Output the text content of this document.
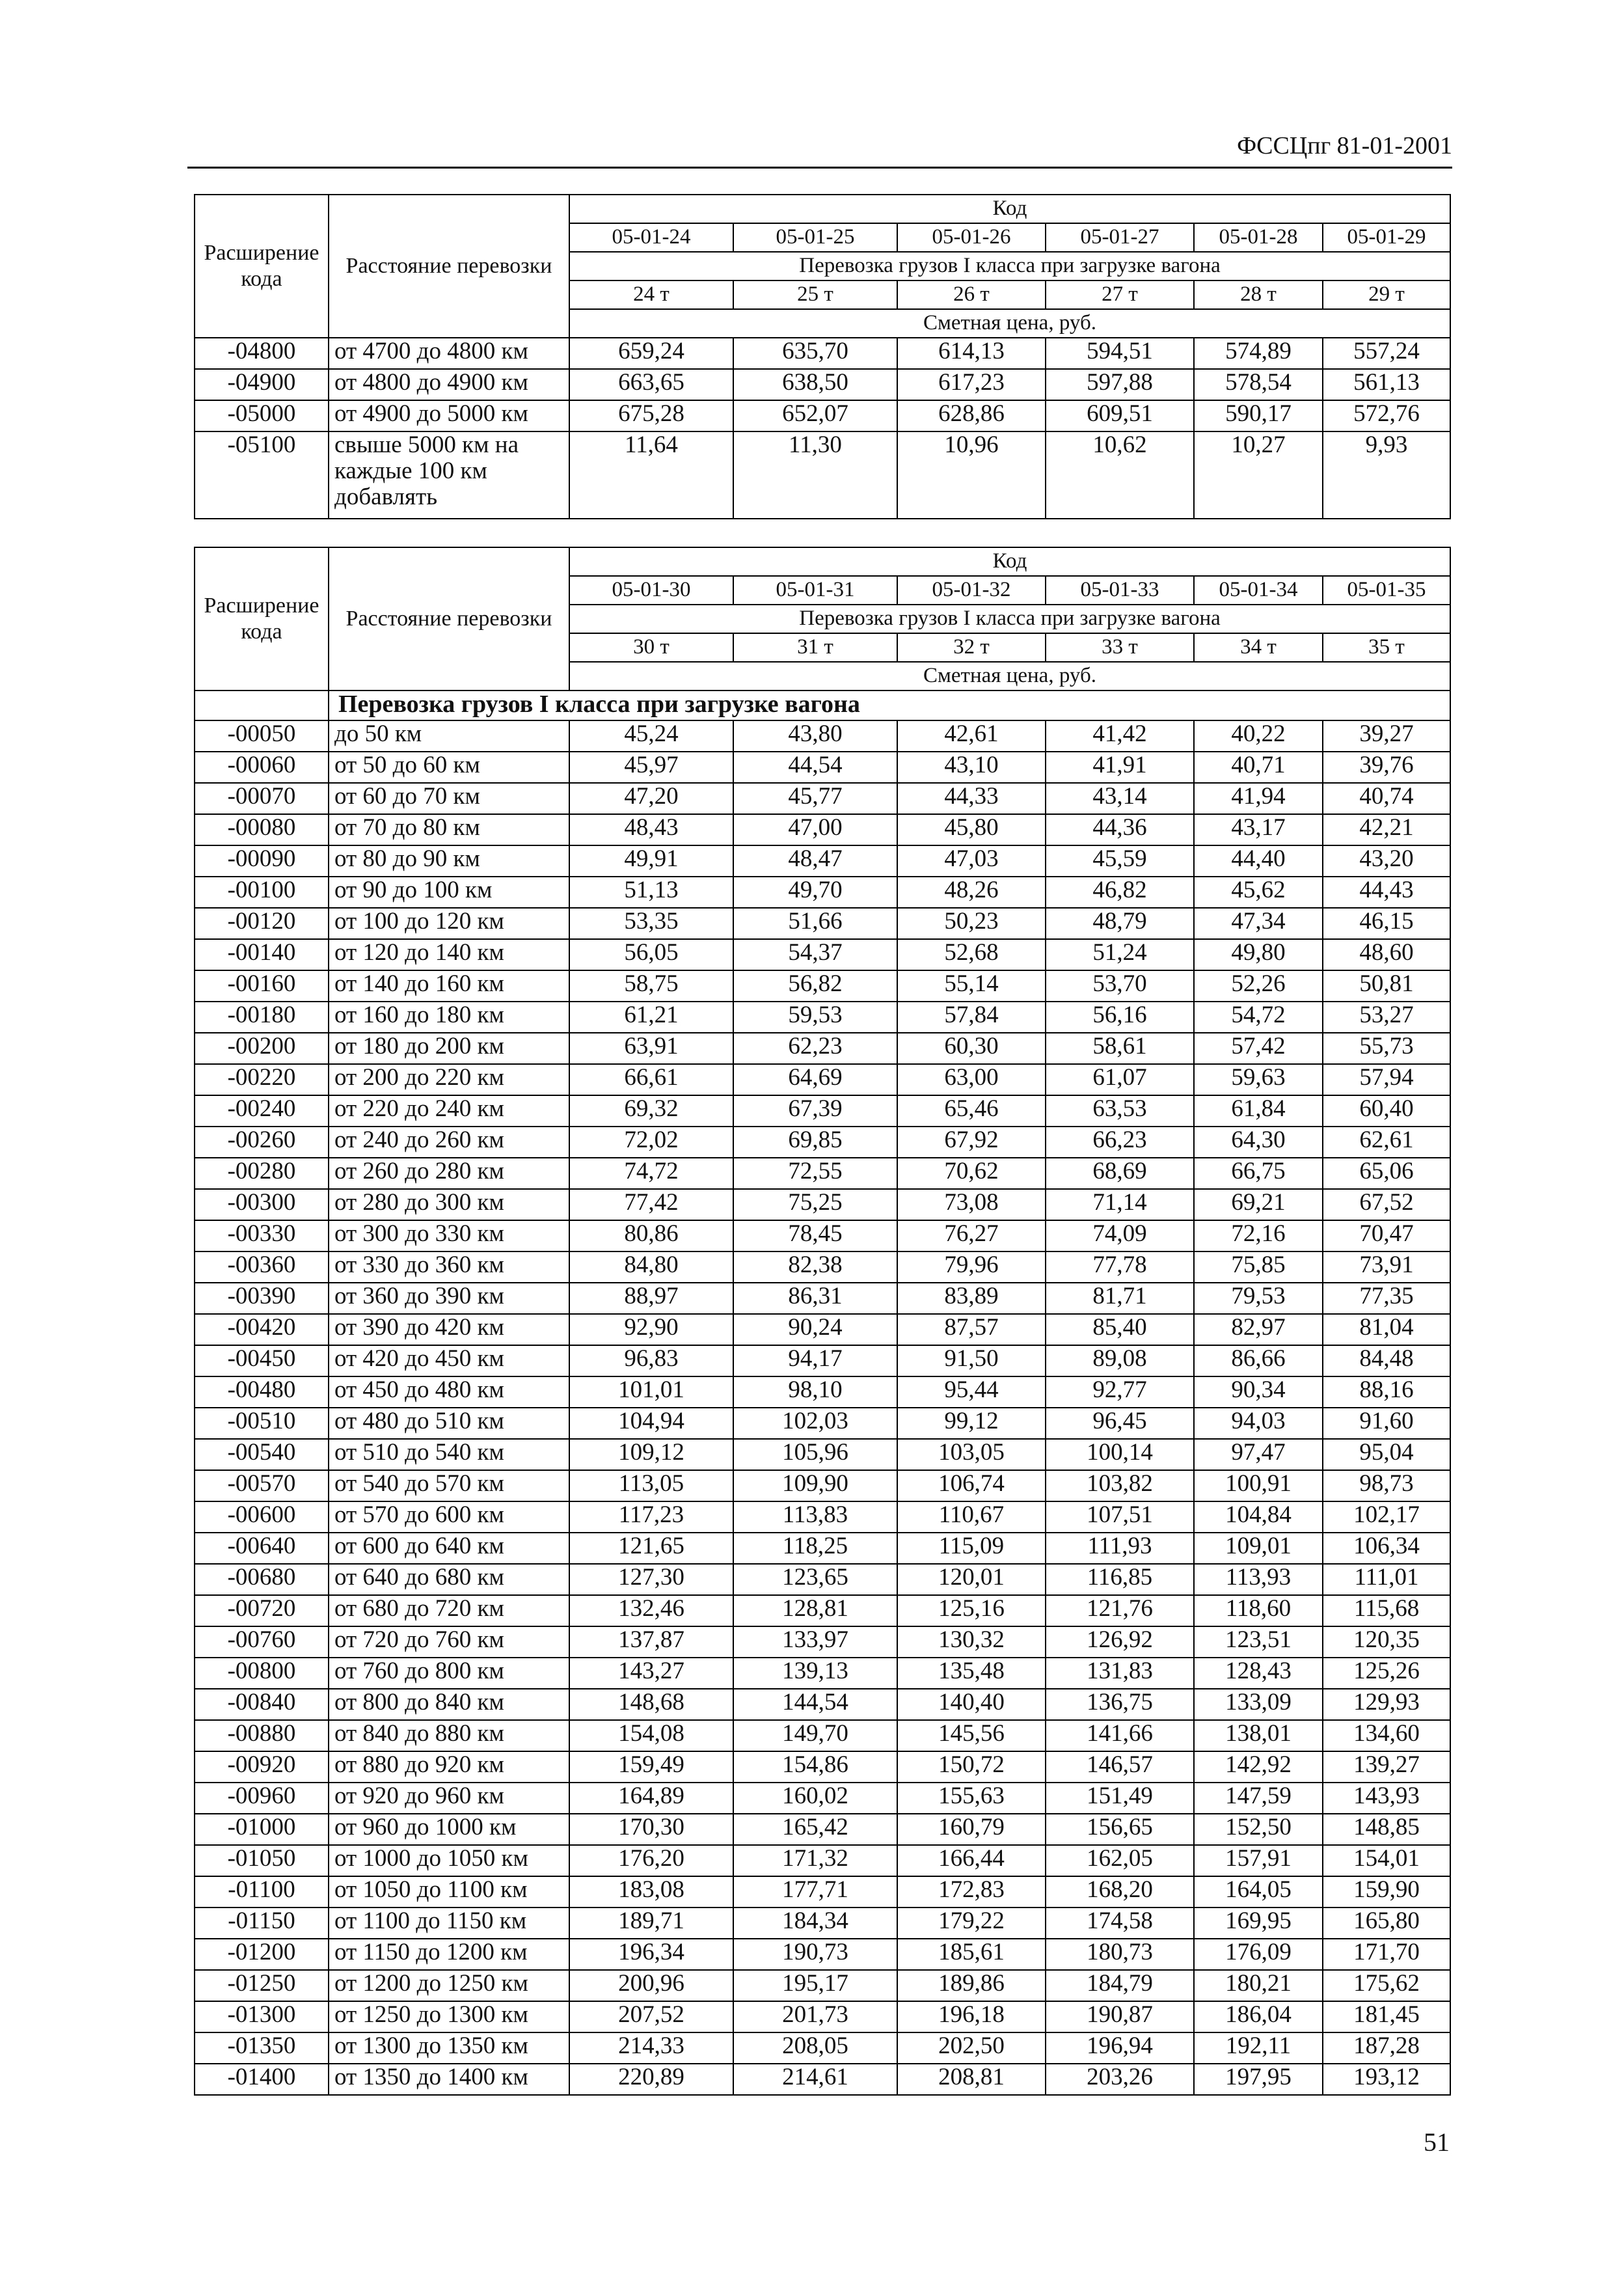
ФССЦпг 81-01-2001
Расширение кода	Расстояние перевозки	Код					
		05-01-24	05-01-25	05-01-26	05-01-27	05-01-28	05-01-29
		Перевозка грузов I класса при загрузке вагона					
		24 т	25 т	26 т	27 т	28 т	29 т
		Сметная цена, руб.					
-04800	от 4700 до 4800 км	659,24	635,70	614,13	594,51	574,89	557,24
-04900	от 4800 до 4900 км	663,65	638,50	617,23	597,88	578,54	561,13
-05000	от 4900 до 5000 км	675,28	652,07	628,86	609,51	590,17	572,76
-05100	свыше 5000 км на каждые 100 км добавлять	11,64	11,30	10,96	10,62	10,27	9,93
Расширение кода	Расстояние перевозки	Код					
		05-01-30	05-01-31	05-01-32	05-01-33	05-01-34	05-01-35
		Перевозка грузов I класса при загрузке вагона					
		30 т	31 т	32 т	33 т	34 т	35 т
		Сметная цена, руб.					
	Перевозка грузов I класса при загрузке вагона						
-00050	до 50 км	45,24	43,80	42,61	41,42	40,22	39,27
-00060	от 50 до 60 км	45,97	44,54	43,10	41,91	40,71	39,76
-00070	от 60 до 70 км	47,20	45,77	44,33	43,14	41,94	40,74
-00080	от 70 до 80 км	48,43	47,00	45,80	44,36	43,17	42,21
-00090	от 80 до 90 км	49,91	48,47	47,03	45,59	44,40	43,20
-00100	от 90 до 100 км	51,13	49,70	48,26	46,82	45,62	44,43
-00120	от 100 до 120 км	53,35	51,66	50,23	48,79	47,34	46,15
-00140	от 120 до 140 км	56,05	54,37	52,68	51,24	49,80	48,60
-00160	от 140 до 160 км	58,75	56,82	55,14	53,70	52,26	50,81
-00180	от 160 до 180 км	61,21	59,53	57,84	56,16	54,72	53,27
-00200	от 180 до 200 км	63,91	62,23	60,30	58,61	57,42	55,73
-00220	от 200 до 220 км	66,61	64,69	63,00	61,07	59,63	57,94
-00240	от 220 до 240 км	69,32	67,39	65,46	63,53	61,84	60,40
-00260	от 240 до 260 км	72,02	69,85	67,92	66,23	64,30	62,61
-00280	от 260 до 280 км	74,72	72,55	70,62	68,69	66,75	65,06
-00300	от 280 до 300 км	77,42	75,25	73,08	71,14	69,21	67,52
-00330	от 300 до 330 км	80,86	78,45	76,27	74,09	72,16	70,47
-00360	от 330 до 360 км	84,80	82,38	79,96	77,78	75,85	73,91
-00390	от 360 до 390 км	88,97	86,31	83,89	81,71	79,53	77,35
-00420	от 390 до 420 км	92,90	90,24	87,57	85,40	82,97	81,04
-00450	от 420 до 450 км	96,83	94,17	91,50	89,08	86,66	84,48
-00480	от 450 до 480 км	101,01	98,10	95,44	92,77	90,34	88,16
-00510	от 480 до 510 км	104,94	102,03	99,12	96,45	94,03	91,60
-00540	от 510 до 540 км	109,12	105,96	103,05	100,14	97,47	95,04
-00570	от 540 до 570 км	113,05	109,90	106,74	103,82	100,91	98,73
-00600	от 570 до 600 км	117,23	113,83	110,67	107,51	104,84	102,17
-00640	от 600 до 640 км	121,65	118,25	115,09	111,93	109,01	106,34
-00680	от 640 до 680 км	127,30	123,65	120,01	116,85	113,93	111,01
-00720	от 680 до 720 км	132,46	128,81	125,16	121,76	118,60	115,68
-00760	от 720 до 760 км	137,87	133,97	130,32	126,92	123,51	120,35
-00800	от 760 до 800 км	143,27	139,13	135,48	131,83	128,43	125,26
-00840	от 800 до 840 км	148,68	144,54	140,40	136,75	133,09	129,93
-00880	от 840 до 880 км	154,08	149,70	145,56	141,66	138,01	134,60
-00920	от 880 до 920 км	159,49	154,86	150,72	146,57	142,92	139,27
-00960	от 920 до 960 км	164,89	160,02	155,63	151,49	147,59	143,93
-01000	от 960 до 1000 км	170,30	165,42	160,79	156,65	152,50	148,85
-01050	от 1000 до 1050 км	176,20	171,32	166,44	162,05	157,91	154,01
-01100	от 1050 до 1100 км	183,08	177,71	172,83	168,20	164,05	159,90
-01150	от 1100 до 1150 км	189,71	184,34	179,22	174,58	169,95	165,80
-01200	от 1150 до 1200 км	196,34	190,73	185,61	180,73	176,09	171,70
-01250	от 1200 до 1250 км	200,96	195,17	189,86	184,79	180,21	175,62
-01300	от 1250 до 1300 км	207,52	201,73	196,18	190,87	186,04	181,45
-01350	от 1300 до 1350 км	214,33	208,05	202,50	196,94	192,11	187,28
-01400	от 1350 до 1400 км	220,89	214,61	208,81	203,26	197,95	193,12
51
